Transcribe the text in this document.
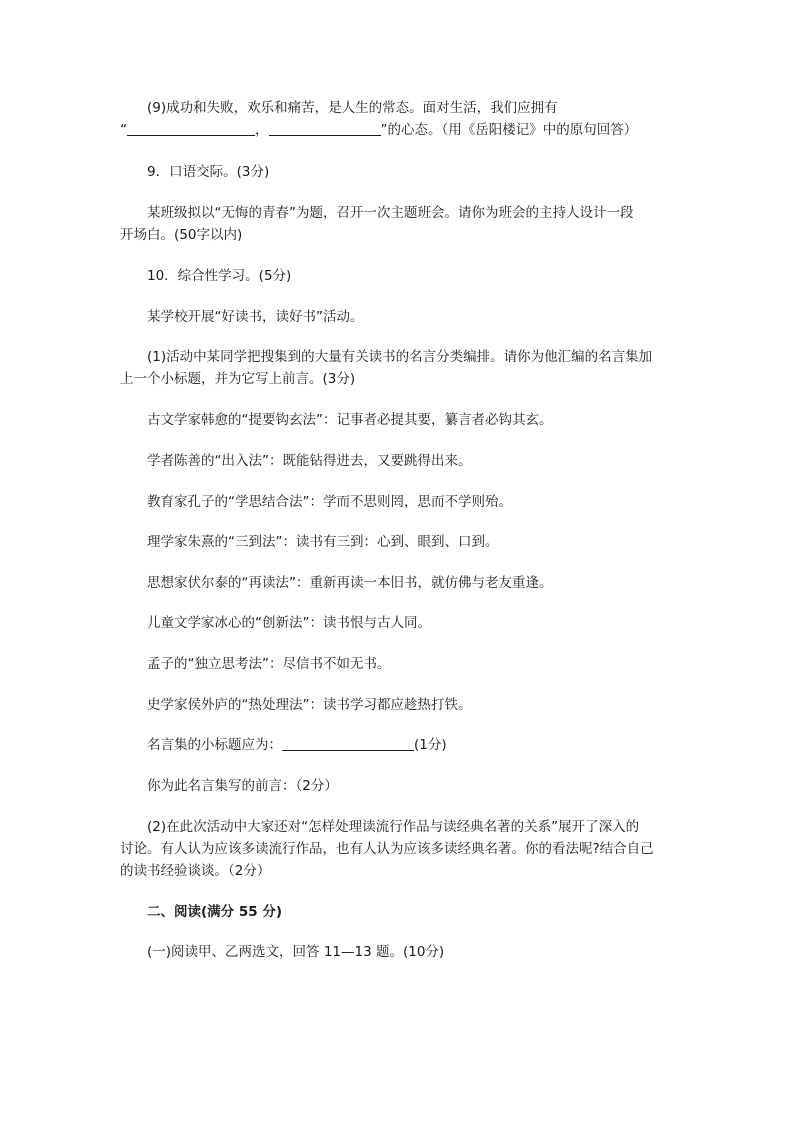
(9)成功和失败，欢乐和痛苦，是人生的常态。面对生活，我们应拥有
“	，	”的心态。（用《岳阳楼记》中的原句回答）
9．口语交际。(3分)
某班级拟以“无悔的青春”为题，召开一次主题班会。请你为班会的主持人设计一段
开场白。(50字以内)
10．综合性学习。(5分)
某学校开展“好读书，读好书”活动。
(1)活动中某同学把搜集到的大量有关读书的名言分类编排。请你为他汇编的名言集加
上一个小标题，并为它写上前言。(3分)
古文学家韩愈的“提要钩玄法”：记事者必提其要，纂言者必钩其玄。
学者陈善的“出入法”：既能钻得进去，又要跳得出来。
教育家孔子的“学思结合法”：学而不思则罔，思而不学则殆。
理学家朱熹的“三到法”：读书有三到：心到、眼到、口到。
思想家伏尔泰的“再读法”：重新再读一本旧书，就仿佛与老友重逢。
儿童文学家冰心的“创新法”：读书恨与古人同。
孟子的“独立思考法”：尽信书不如无书。
史学家侯外庐的“热处理法”：读书学习都应趁热打铁。
名言集的小标题应为：	(1分)
你为此名言集写的前言：（2分）
(2)在此次活动中大家还对“怎样处理读流行作品与读经典名著的关系”展开了深入的
讨论。有人认为应该多读流行作品，也有人认为应该多读经典名著。你的看法呢?结合自己
的读书经验谈谈。（2分）
二、阅读(满分 55 分)
(一)阅读甲、乙两选文，回答 11—13 题。(10分)
